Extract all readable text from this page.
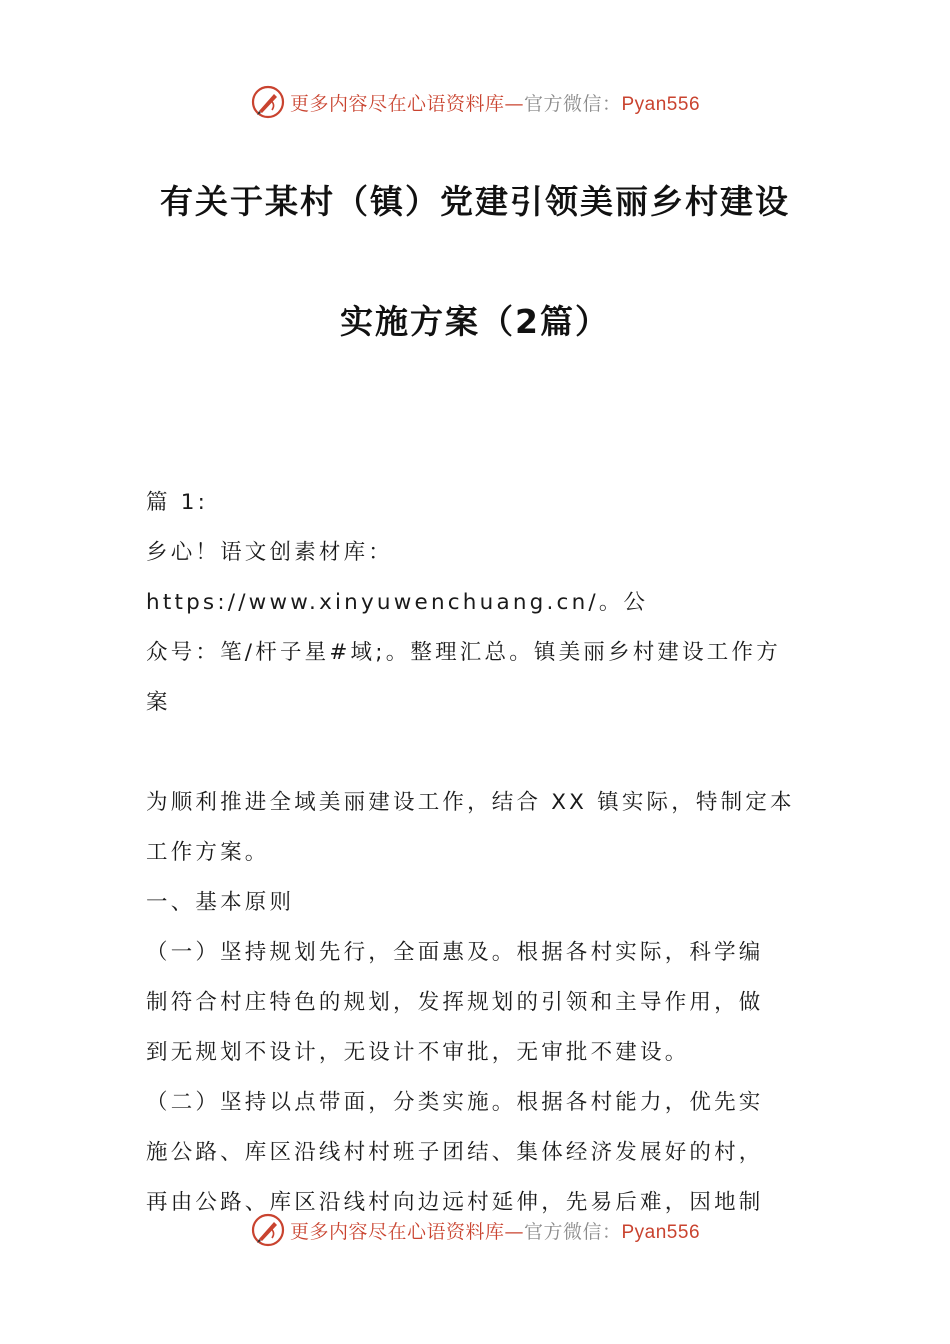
更多内容尽在心语资料库—官方微信：Pyan556
有关于某村（镇）党建引领美丽乡村建设
实施方案（2篇）
篇 1:
乡心！语文创素材库：https://www.xinyuwenchuang.cn/。公
众号：笔/杆子星#域;。整理汇总。镇美丽乡村建设工作方
案
为顺利推进全域美丽建设工作，结合 XX 镇实际，特制定本
工作方案。
一、基本原则
（一）坚持规划先行，全面惠及。根据各村实际，科学编
制符合村庄特色的规划，发挥规划的引领和主导作用，做
到无规划不设计，无设计不审批，无审批不建设。
（二）坚持以点带面，分类实施。根据各村能力，优先实
施公路、库区沿线村村班子团结、集体经济发展好的村，
再由公路、库区沿线村向边远村延伸，先易后难，因地制
更多内容尽在心语资料库—官方微信：Pyan556
